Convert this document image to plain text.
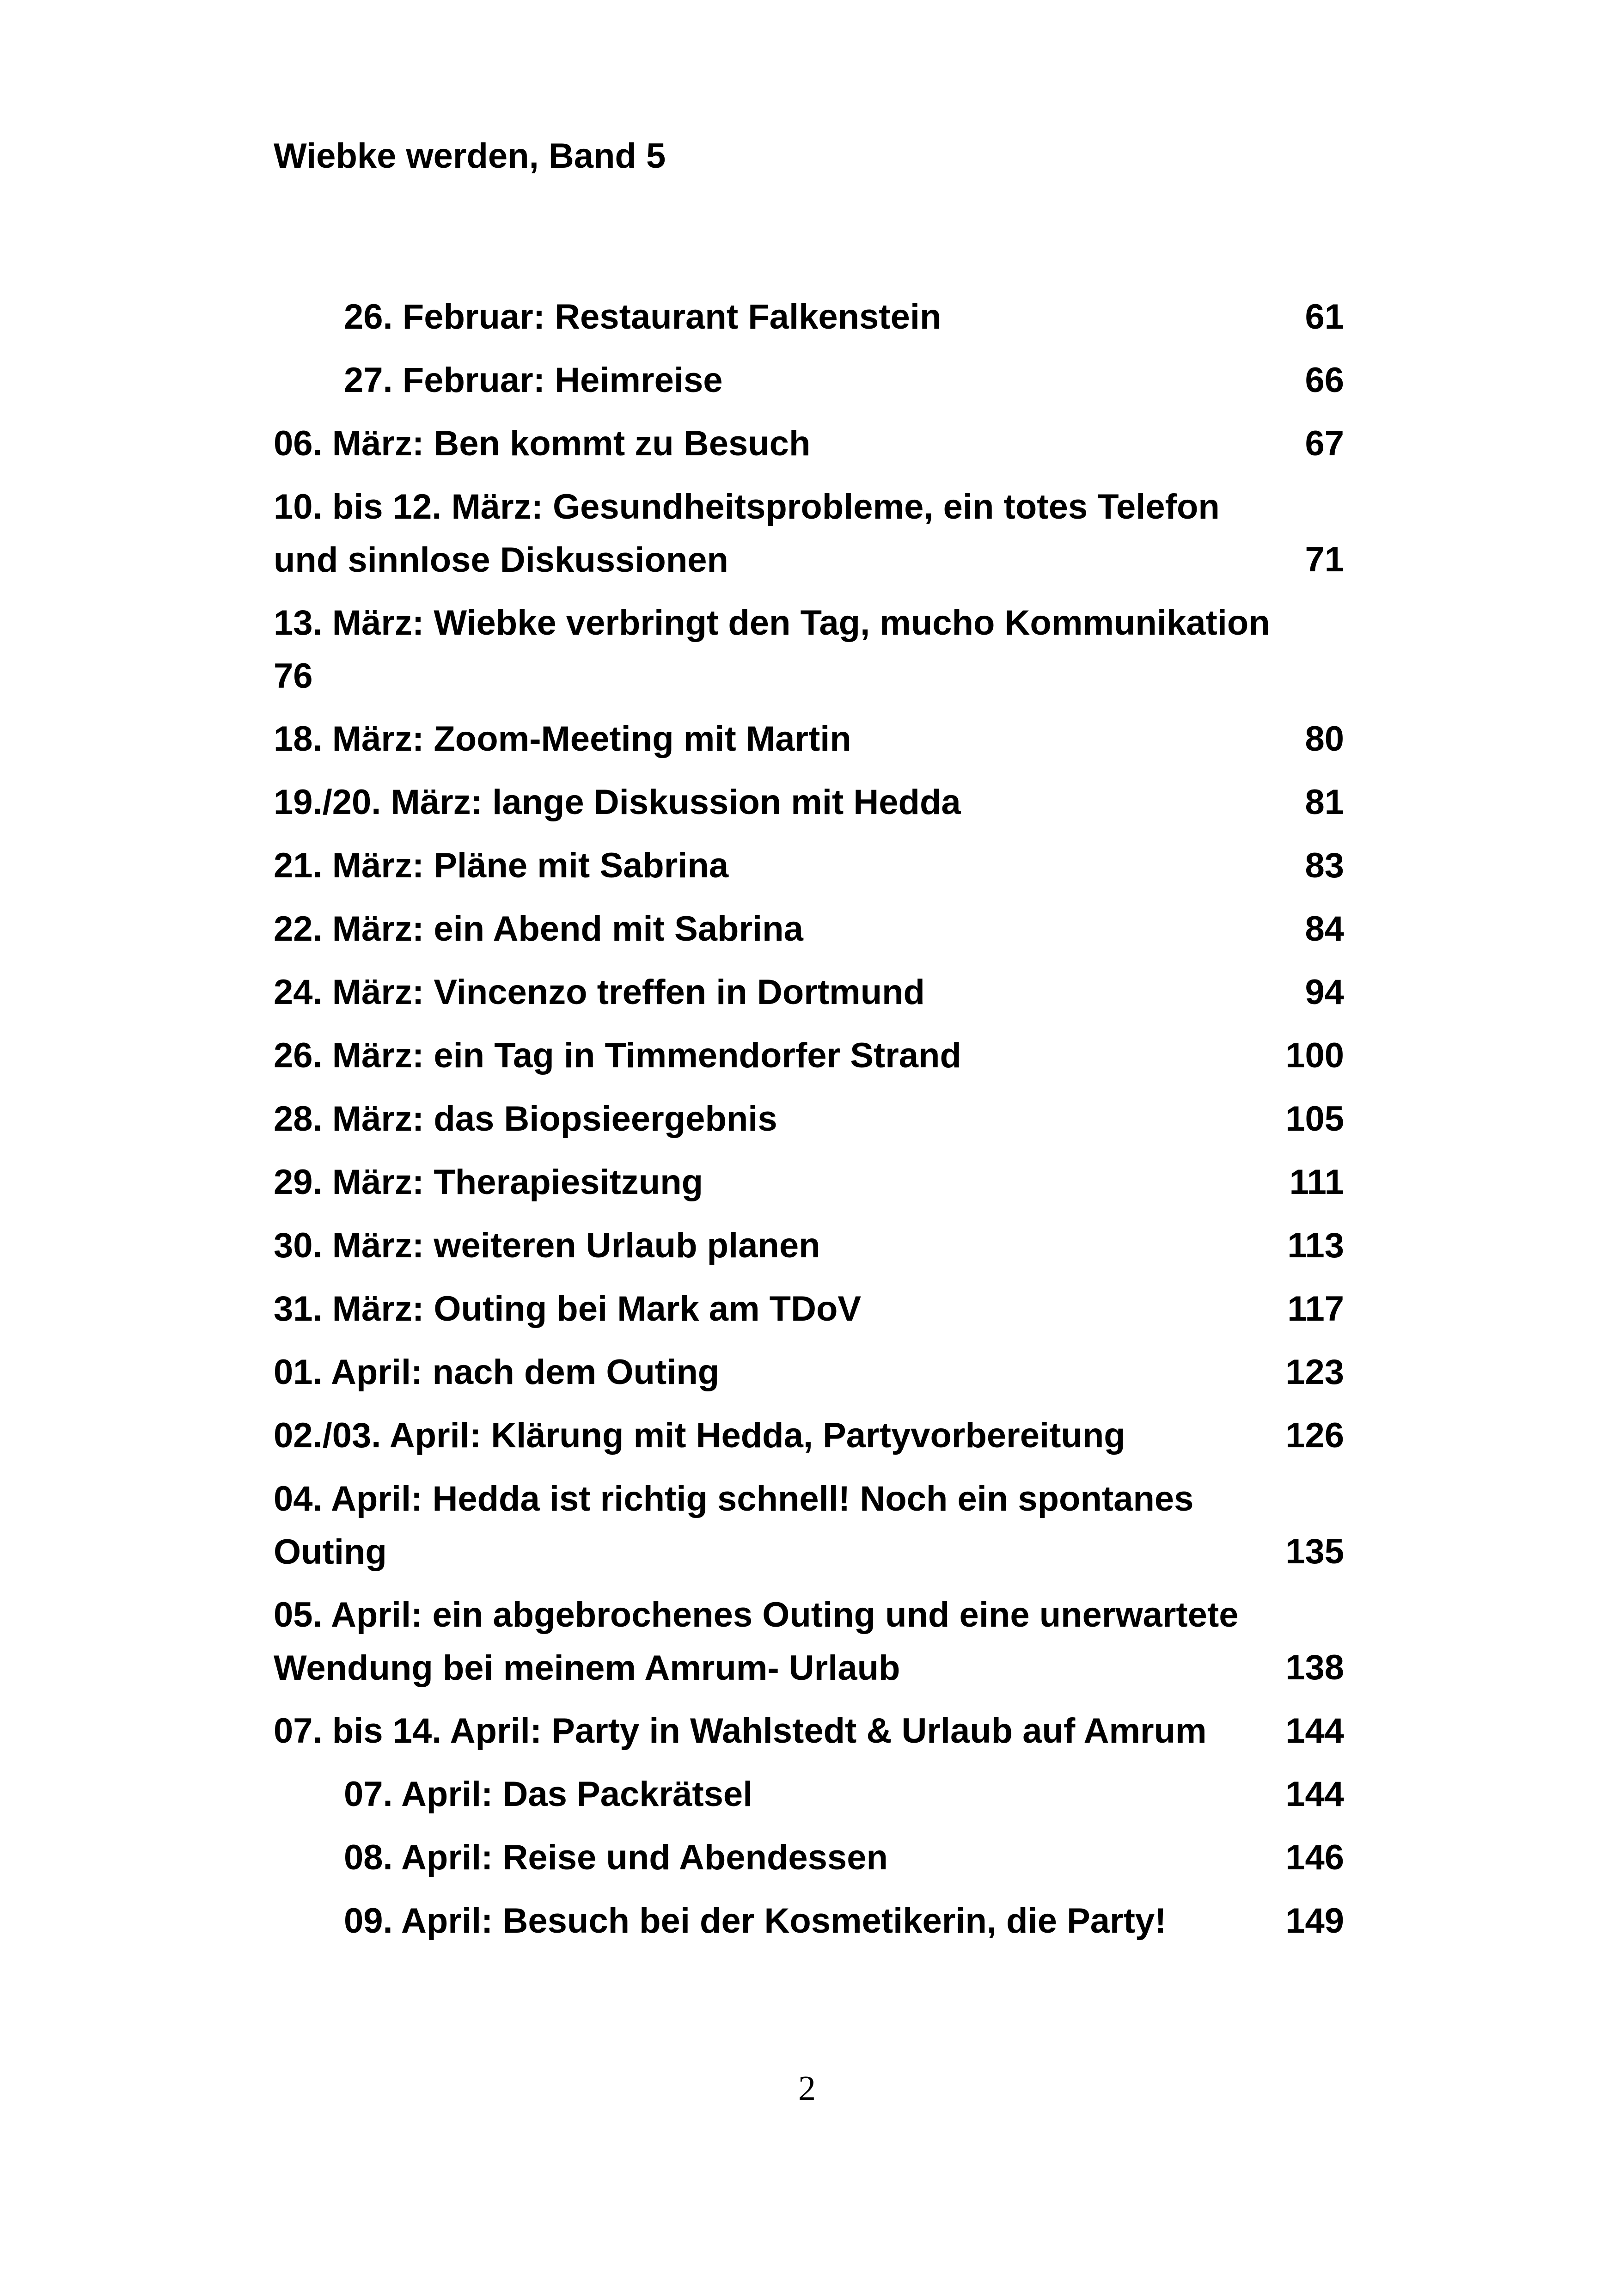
Wiebke werden, Band 5
26. Februar: Restaurant Falkenstein	61
27. Februar: Heimreise	66
06. März: Ben kommt zu Besuch	67
10. bis 12. März: Gesundheitsprobleme, ein totes Telefon
und sinnlose Diskussionen	71
13. März: Wiebke verbringt den Tag, mucho Kommunikation
76
18. März: Zoom-Meeting mit Martin	80
19./20. März: lange Diskussion mit Hedda	81
21. März: Pläne mit Sabrina	83
22. März: ein Abend mit Sabrina	84
24. März: Vincenzo treffen in Dortmund	94
26. März: ein Tag in Timmendorfer Strand	100
28. März: das Biopsieergebnis	105
29. März: Therapiesitzung	111
30. März: weiteren Urlaub planen	113
31. März: Outing bei Mark am TDoV	117
01. April: nach dem Outing	123
02./03. April: Klärung mit Hedda, Partyvorbereitung	126
04. April: Hedda ist richtig schnell! Noch ein spontanes
Outing	135
05. April: ein abgebrochenes Outing und eine unerwartete
Wendung bei meinem Amrum- Urlaub	138
07. bis 14. April: Party in Wahlstedt & Urlaub auf Amrum	144
07. April: Das Packrätsel	144
08. April: Reise und Abendessen	146
09. April: Besuch bei der Kosmetikerin, die Party!	149
2
